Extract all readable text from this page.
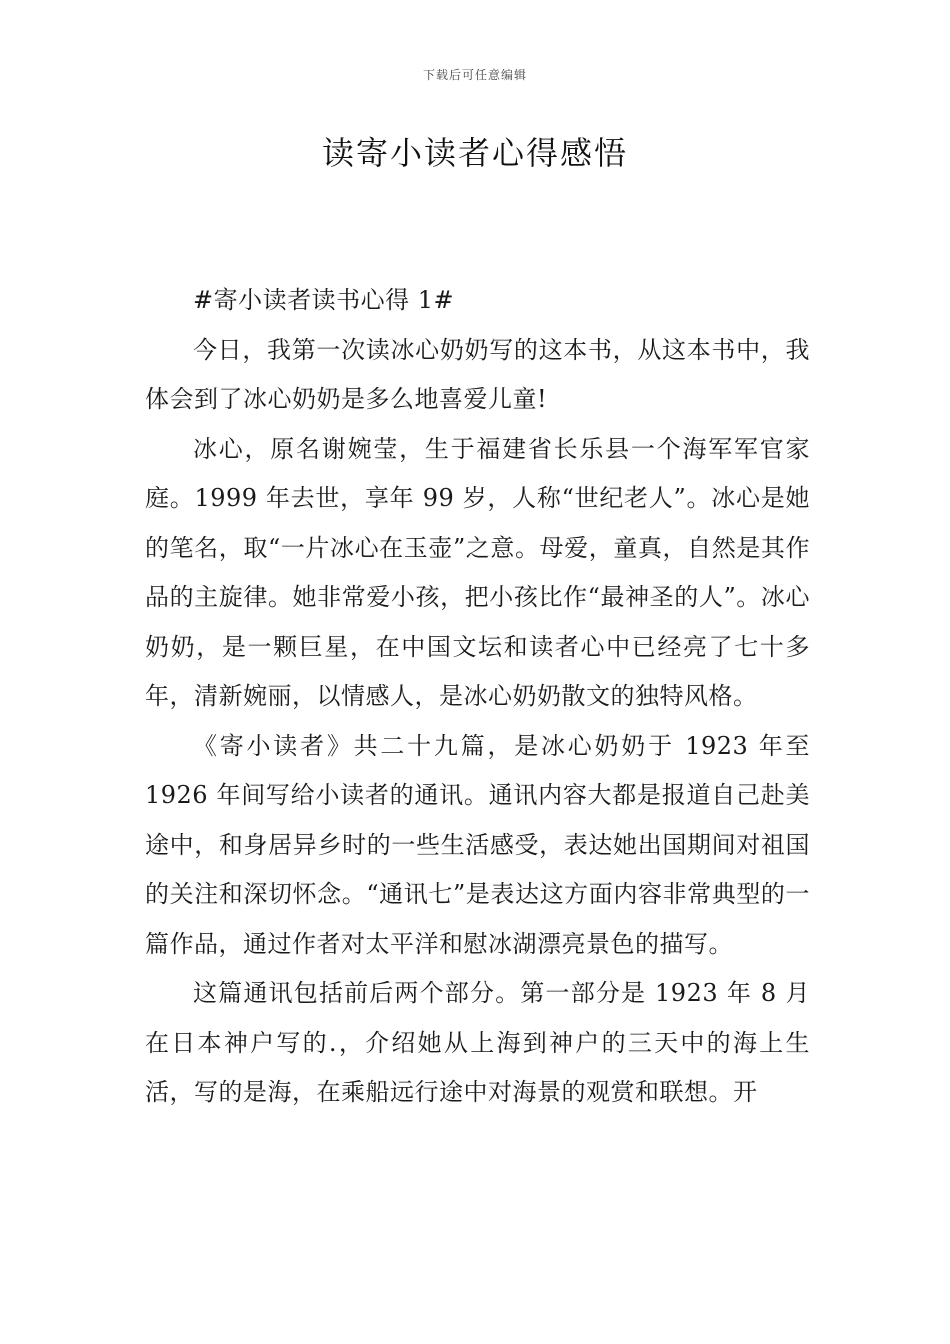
下载后可任意编辑
读寄小读者心得感悟

#寄小读者读书心得 1#

今日，我第一次读冰心奶奶写的这本书，从这本书中，我体会到了冰心奶奶是多么地喜爱儿童!

冰心，原名谢婉莹，生于福建省长乐县一个海军军官家庭。1999 年去世，享年 99 岁，人称“世纪老人”。冰心是她的笔名，取“一片冰心在玉壶”之意。母爱，童真，自然是其作品的主旋律。她非常爱小孩，把小孩比作“最神圣的人”。冰心奶奶，是一颗巨星，在中国文坛和读者心中已经亮了七十多年，清新婉丽，以情感人，是冰心奶奶散文的独特风格。

《寄小读者》共二十九篇，是冰心奶奶于 1923 年至 1926 年间写给小读者的通讯。通讯内容大都是报道自己赴美途中，和身居异乡时的一些生活感受，表达她出国期间对祖国的关注和深切怀念。“通讯七”是表达这方面内容非常典型的一篇作品，通过作者对太平洋和慰冰湖漂亮景色的描写。

这篇通讯包括前后两个部分。第一部分是 1923 年 8 月在日本神户写的.，介绍她从上海到神户的三天中的海上生活，写的是海，在乘船远行途中对海景的观赏和联想。开
